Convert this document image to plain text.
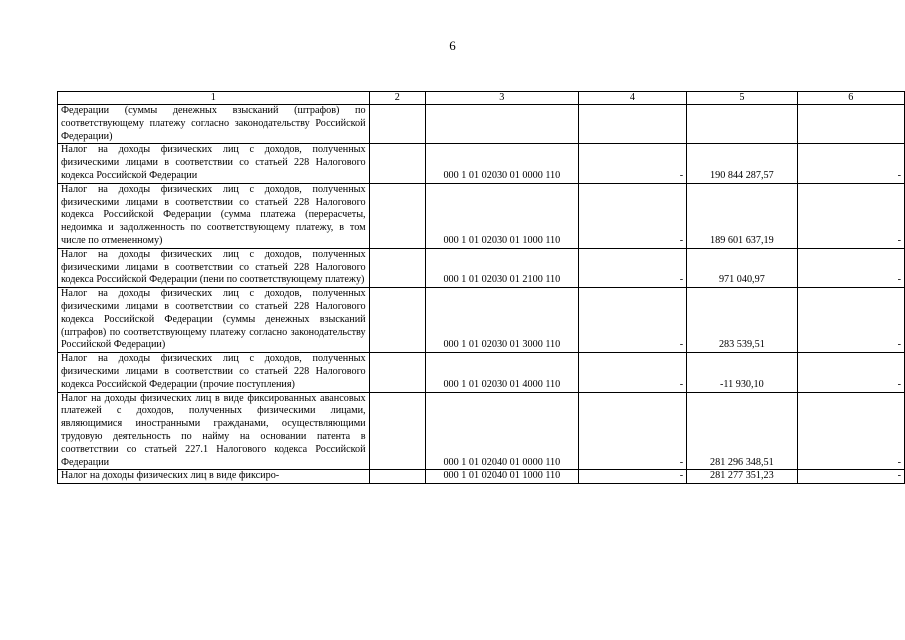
6
1	2	3	4	5	6
Федерации (суммы денежных взысканий (штрафов) по соответствующему платежу согласно законодательству Российской Федерации)					
Налог на доходы физических лиц с доходов, полученных физическими лицами в соответствии со статьей 228 Налогового кодекса Российской Федерации		000 1 01 02030 01 0000 110	-	190 844 287,57	-
Налог на доходы физических лиц с доходов, полученных физическими лицами в соответствии со статьей 228 Налогового кодекса Российской Федерации (сумма платежа (перерасчеты, недоимка и задолженность по соответствующему платежу, в том числе по отмененному)		000 1 01 02030 01 1000 110	-	189 601 637,19	-
Налог на доходы физических лиц с доходов, полученных физическими лицами в соответствии со статьей 228 Налогового кодекса Российской Федерации (пени по соответствующему платежу)		000 1 01 02030 01 2100 110	-	971 040,97	-
Налог на доходы физических лиц с доходов, полученных физическими лицами в соответствии со статьей 228 Налогового кодекса Российской Федерации (суммы денежных взысканий (штрафов) по соответствующему платежу согласно законодательству Российской Федерации)		000 1 01 02030 01 3000 110	-	283 539,51	-
Налог на доходы физических лиц с доходов, полученных физическими лицами в соответствии со статьей 228 Налогового кодекса Российской Федерации (прочие поступления)		000 1 01 02030 01 4000 110	-	-11 930,10	-
Налог на доходы физических лиц в виде фиксированных авансовых платежей с доходов, полученных физическими лицами, являющимися иностранными гражданами, осуществляющими трудовую деятельность по найму на основании патента в соответствии со статьей 227.1 Налогового кодекса Российской Федерации		000 1 01 02040 01 0000 110	-	281 296 348,51	-
Налог на доходы физических лиц в виде фиксиро-		000 1 01 02040 01 1000 110	-	281 277 351,23	-
